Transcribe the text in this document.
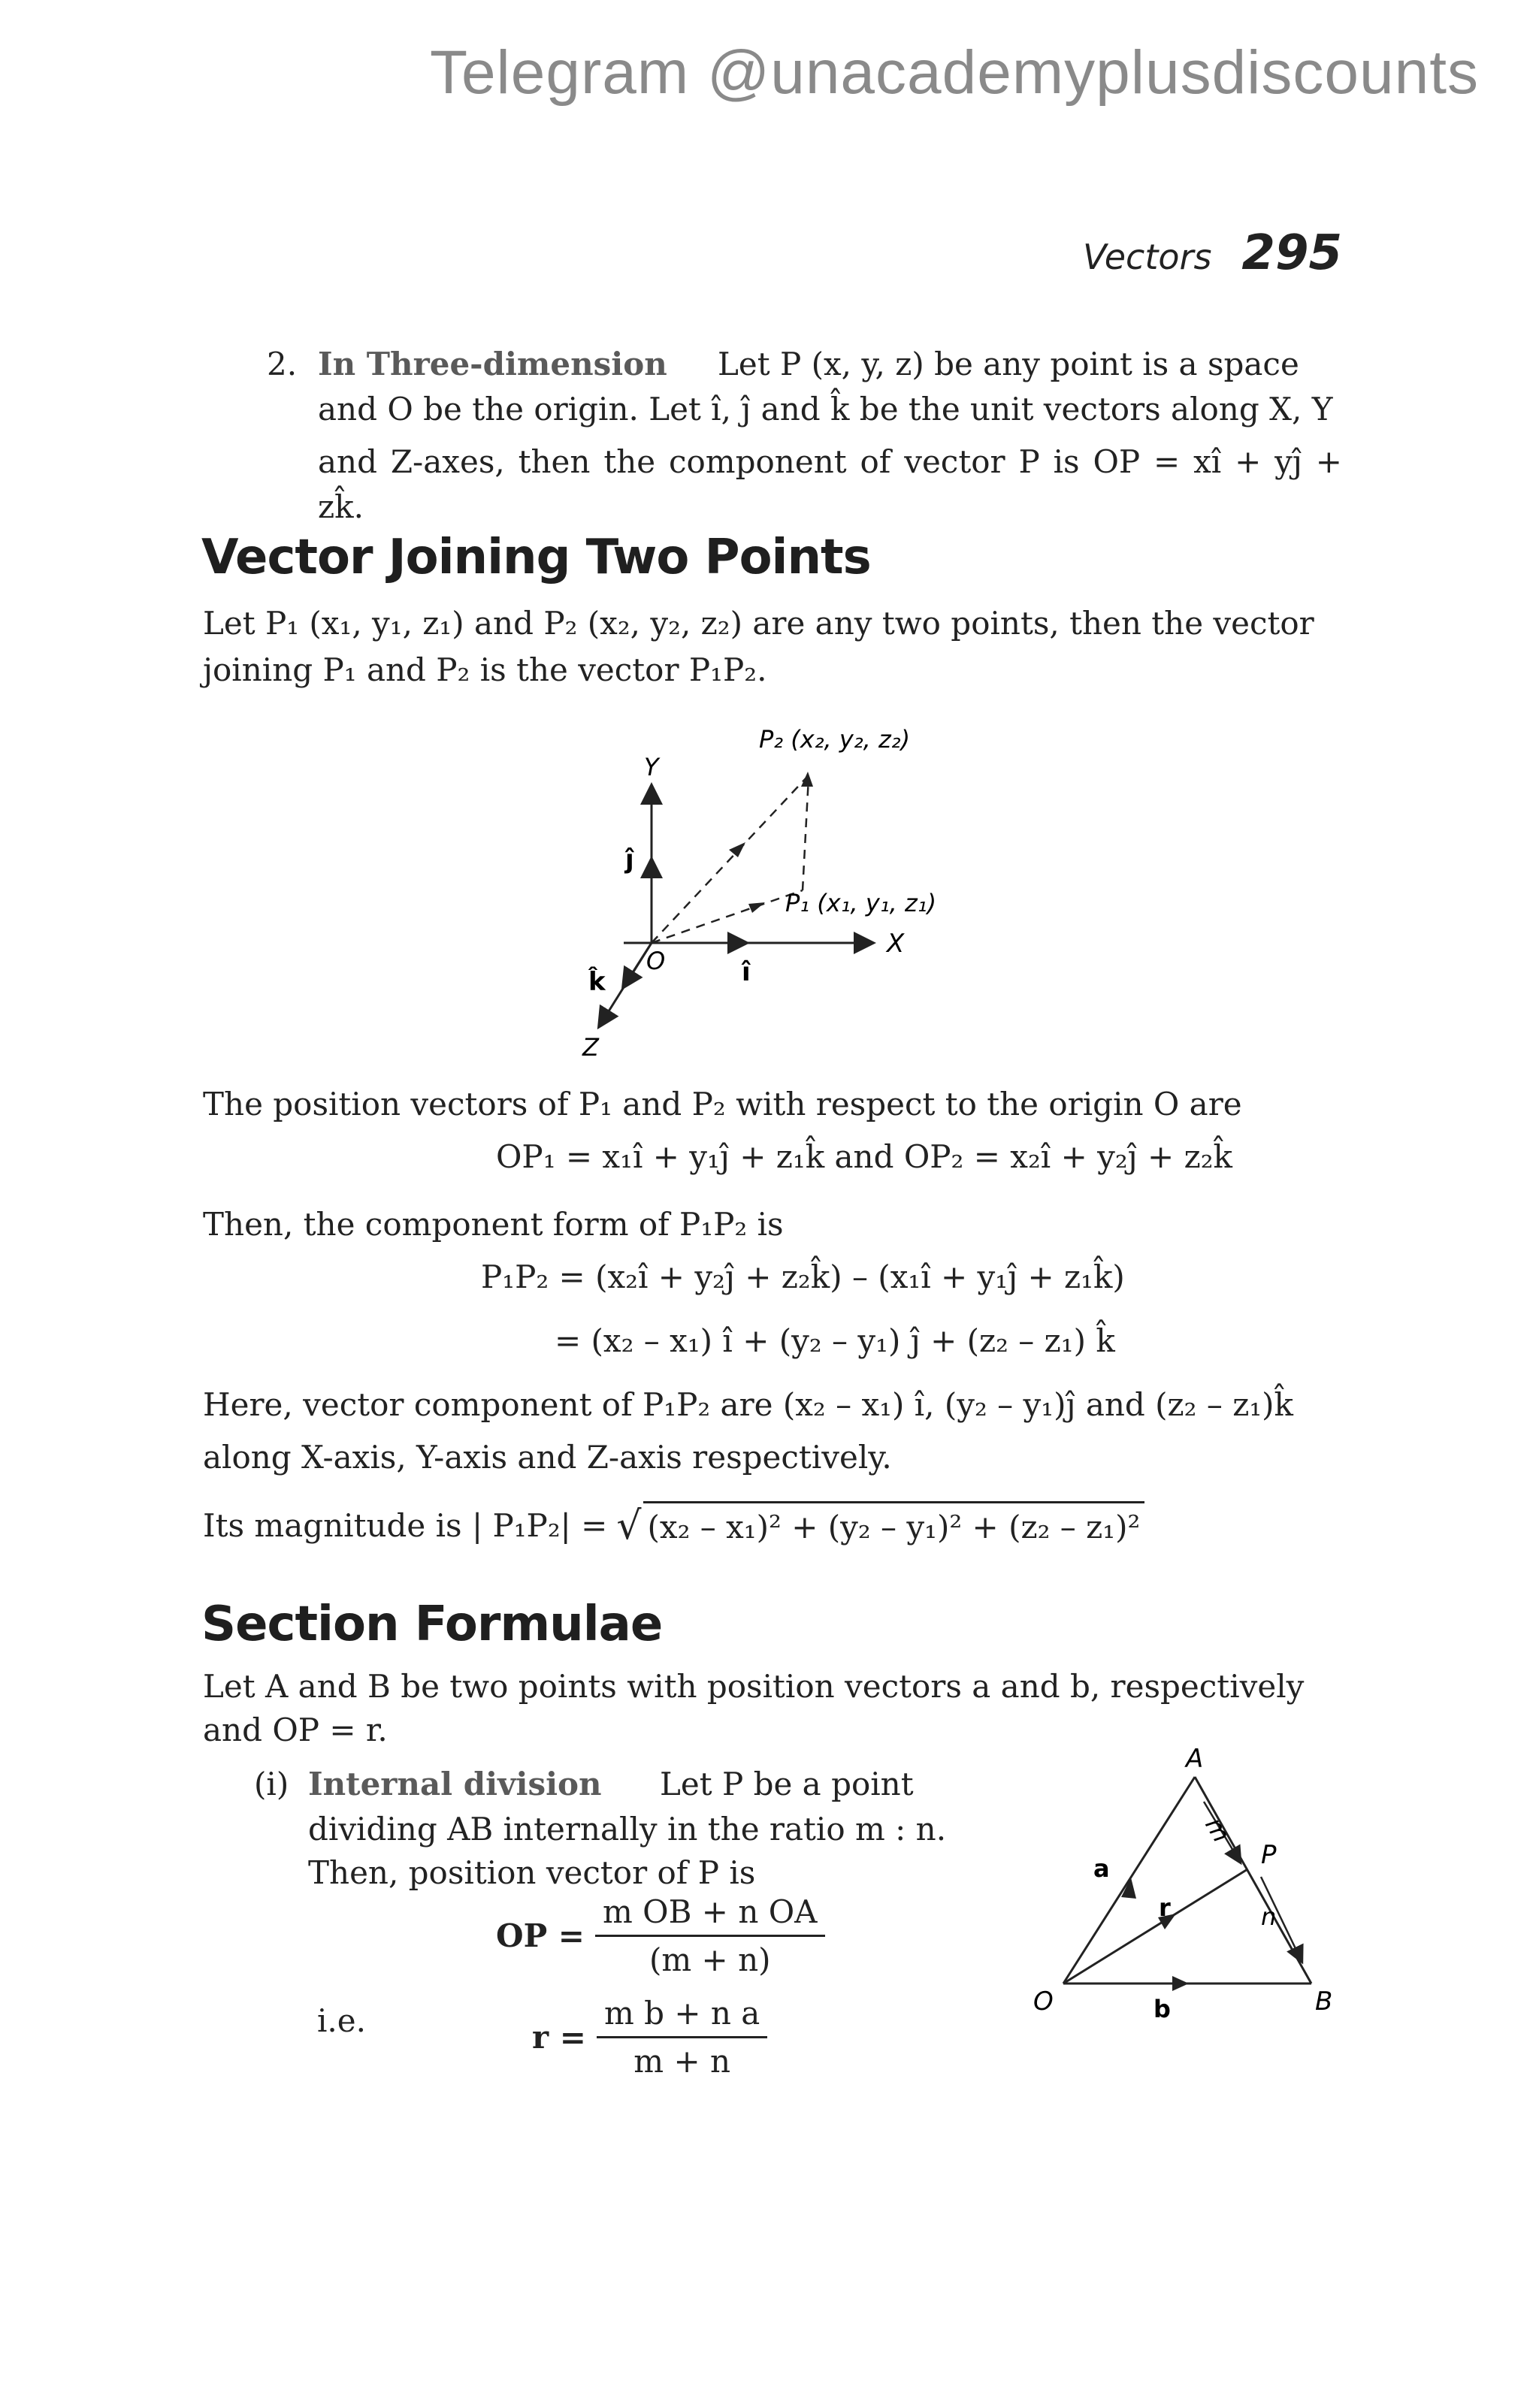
Telegram @unacademyplusdiscounts
Vectors 295
2. In Three-dimension Let P (x, y, z) be any point is a space
and O be the origin. Let î, ĵ and k̂ be the unit vectors along X, Y
and Z-axes, then the component of vector P is OP = xî + yĵ + zk̂.
Vector Joining Two Points
Let P₁ (x₁, y₁, z₁) and P₂ (x₂, y₂, z₂) are any two points, then the vector
joining P₁ and P₂ is the vector P₁P₂.
P₂ (x₂, y₂, z₂)
Y
ĵ
P₁ (x₁, y₁, z₁)
X
O	î
k̂
Z
The position vectors of P₁ and P₂ with respect to the origin O are
OP₁ = x₁î + y₁ĵ + z₁k̂ and OP₂ = x₂î + y₂ĵ + z₂k̂
Then, the component form of P₁P₂ is
P₁P₂ = (x₂î + y₂ĵ + z₂k̂) – (x₁î + y₁ĵ + z₁k̂)
= (x₂ – x₁) î + (y₂ – y₁) ĵ + (z₂ – z₁) k̂
Here, vector component of P₁P₂ are (x₂ – x₁) î, (y₂ – y₁)ĵ and (z₂ – z₁)k̂
along X-axis, Y-axis and Z-axis respectively.
Its magnitude is | P₁P₂| = √ (x₂ – x₁)² + (y₂ – y₁)² + (z₂ – z₁)²
Section Formulae
Let A and B be two points with position vectors a and b, respectively
and OP = r.
(i) Internal division Let P be a point
dividing AB internally in the ratio m : n.
Then, position vector of P is
OP = $\frac{\text{m OB + n OA}}{(m + n)}$
i.e.	$r = \frac{\text{m b + n a}}{m + n}$
A
B
O
P
a
b
r
m
n
